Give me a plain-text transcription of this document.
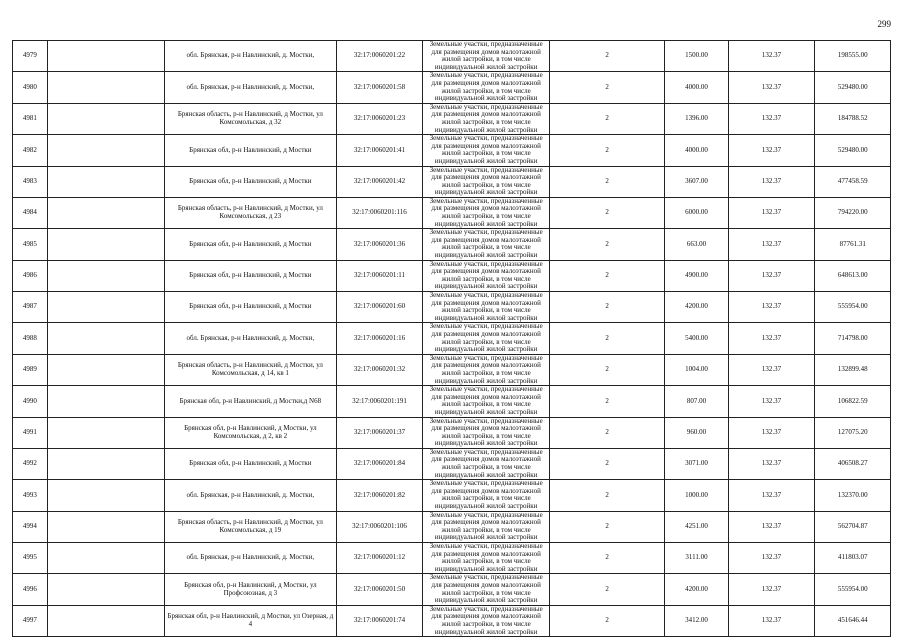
299
4979		обл. Брянская, р-н Навлинский, д. Мостки,	32:17:0060201:22	Земельные участки, предназначенные для размещения домов малоэтажной жилой застройки, в том числе индивидуальной жилой застройки	2	1500.00	132.37	198555.00
4980		обл. Брянская, р-н Навлинский, д. Мостки,	32:17:0060201:58	Земельные участки, предназначенные для размещения домов малоэтажной жилой застройки, в том числе индивидуальной жилой застройки	2	4000.00	132.37	529480.00
4981		Брянская область, р-н Навлинский, д Мостки, ул Комсомольская, д 32	32:17:0060201:23	Земельные участки, предназначенные для размещения домов малоэтажной жилой застройки, в том числе индивидуальной жилой застройки	2	1396.00	132.37	184788.52
4982		Брянская обл, р-н Навлинский, д Мостки	32:17:0060201:41	Земельные участки, предназначенные для размещения домов малоэтажной жилой застройки, в том числе индивидуальной жилой застройки	2	4000.00	132.37	529480.00
4983		Брянская обл, р-н Навлинский, д Мостки	32:17:0060201:42	Земельные участки, предназначенные для размещения домов малоэтажной жилой застройки, в том числе индивидуальной жилой застройки	2	3607.00	132.37	477458.59
4984		Брянская область, р-н Навлинский, д Мостки, ул Комсомольская, д 23	32:17:0060201:116	Земельные участки, предназначенные для размещения домов малоэтажной жилой застройки, в том числе индивидуальной жилой застройки	2	6000.00	132.37	794220.00
4985		Брянская обл, р-н Навлинский, д Мостки	32:17:0060201:36	Земельные участки, предназначенные для размещения домов малоэтажной жилой застройки, в том числе индивидуальной жилой застройки	2	663.00	132.37	87761.31
4986		Брянская обл, р-н Навлинский, д Мостки	32:17:0060201:11	Земельные участки, предназначенные для размещения домов малоэтажной жилой застройки, в том числе индивидуальной жилой застройки	2	4900.00	132.37	648613.00
4987		Брянская обл, р-н Навлинский, д Мостки	32:17:0060201:60	Земельные участки, предназначенные для размещения домов малоэтажной жилой застройки, в том числе индивидуальной жилой застройки	2	4200.00	132.37	555954.00
4988		обл. Брянская, р-н Навлинский, д. Мостки,	32:17:0060201:16	Земельные участки, предназначенные для размещения домов малоэтажной жилой застройки, в том числе индивидуальной жилой застройки	2	5400.00	132.37	714798.00
4989		Брянская область, р-н Навлинский, д Мостки, ул Комсомольская, д 14, кв 1	32:17:0060201:32	Земельные участки, предназначенные для размещения домов малоэтажной жилой застройки, в том числе индивидуальной жилой застройки	2	1004.00	132.37	132899.48
4990		Брянская обл, р-н Навлинский, д Мостки,д N68	32:17:0060201:191	Земельные участки, предназначенные для размещения домов малоэтажной жилой застройки, в том числе индивидуальной жилой застройки	2	807.00	132.37	106822.59
4991		Брянская обл, р-н Навлинский, д Мостки, ул Комсомольская, д 2, кв 2	32:17:0060201:37	Земельные участки, предназначенные для размещения домов малоэтажной жилой застройки, в том числе индивидуальной жилой застройки	2	960.00	132.37	127075.20
4992		Брянская обл, р-н Навлинский, д Мостки	32:17:0060201:84	Земельные участки, предназначенные для размещения домов малоэтажной жилой застройки, в том числе индивидуальной жилой застройки	2	3071.00	132.37	406508.27
4993		обл. Брянская, р-н Навлинский, д. Мостки,	32:17:0060201:82	Земельные участки, предназначенные для размещения домов малоэтажной жилой застройки, в том числе индивидуальной жилой застройки	2	1000.00	132.37	132370.00
4994		Брянская область, р-н Навлинский, д Мостки, ул Комсомольская, д 19	32:17:0060201:106	Земельные участки, предназначенные для размещения домов малоэтажной жилой застройки, в том числе индивидуальной жилой застройки	2	4251.00	132.37	562704.87
4995		обл. Брянская, р-н Навлинский, д. Мостки,	32:17:0060201:12	Земельные участки, предназначенные для размещения домов малоэтажной жилой застройки, в том числе индивидуальной жилой застройки	2	3111.00	132.37	411803.07
4996		Брянская обл, р-н Навлинский, д Мостки, ул Профсоюзная, д 3	32:17:0060201:50	Земельные участки, предназначенные для размещения домов малоэтажной жилой застройки, в том числе индивидуальной жилой застройки	2	4200.00	132.37	555954.00
4997		Брянская обл, р-н Навлинский, д Мостки, ул Озерная, д 4	32:17:0060201:74	Земельные участки, предназначенные для размещения домов малоэтажной жилой застройки, в том числе индивидуальной жилой застройки	2	3412.00	132.37	451646.44
